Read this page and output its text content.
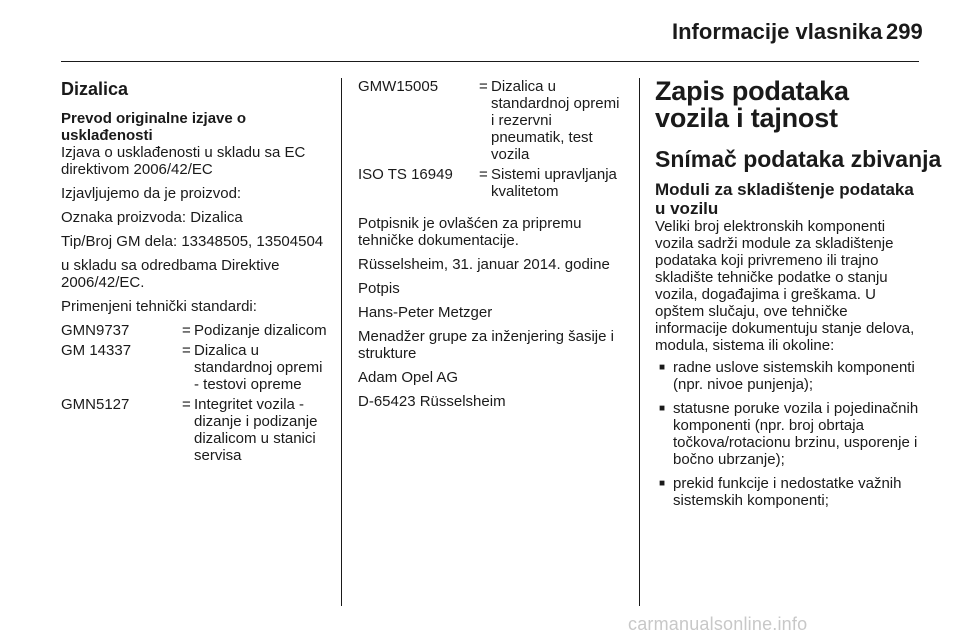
Informacije vlasnika 299
Dizalica
Prevod originalne izjave o usklađenosti

Izjava o usklađenosti u skladu sa EC direktivom 2006/42/EC

Izjavljujemo da je proizvod:

Oznaka proizvoda: Dizalica

Tip/Broj GM dela: 13348505, 13504504

u skladu sa odredbama Direktive 2006/42/EC.

Primenjeni tehnički standardi:

GMN9737	= Podizanje dizalicom
GM 14337	= Dizalica u standardnoj opremi - testovi opreme
GMN5127	= Integritet vozila - dizanje i podizanje dizalicom u stanici servisa
GMW15005	= Dizalica u standardnoj opremi i rezervni pneumatik, test vozila
ISO TS 16949	= Sistemi upravljanja kvalitetom

Potpisnik je ovlašćen za pripremu tehničke dokumentacije.

Rüsselsheim, 31. januar 2014. godine

Potpis

Hans-Peter Metzger

Menadžer grupe za inženjering šasije i strukture

Adam Opel AG

D-65423 Rüsselsheim

Zapis podataka vozila i tajnost
Snímač podataka zbivanja
Moduli za skladištenje podataka u vozilu

Veliki broj elektronskih komponenti vozila sadrži module za skladištenje podataka koji privremeno ili trajno skladište tehničke podatke o stanju vozila, događajima i greškama. U opštem slučaju, ove tehničke informacije dokumentuju stanje delova, modula, sistema ili okoline:

■ radne uslove sistemskih komponenti (npr. nivoe punjenja);
■ statusne poruke vozila i pojedinačnih komponenti (npr. broj obrtaja točkova/rotacionu brzinu, usporenje i bočno ubrzanje);
■ prekid funkcije i nedostatke važnih sistemskih komponenti;
carmanualsonline.info
